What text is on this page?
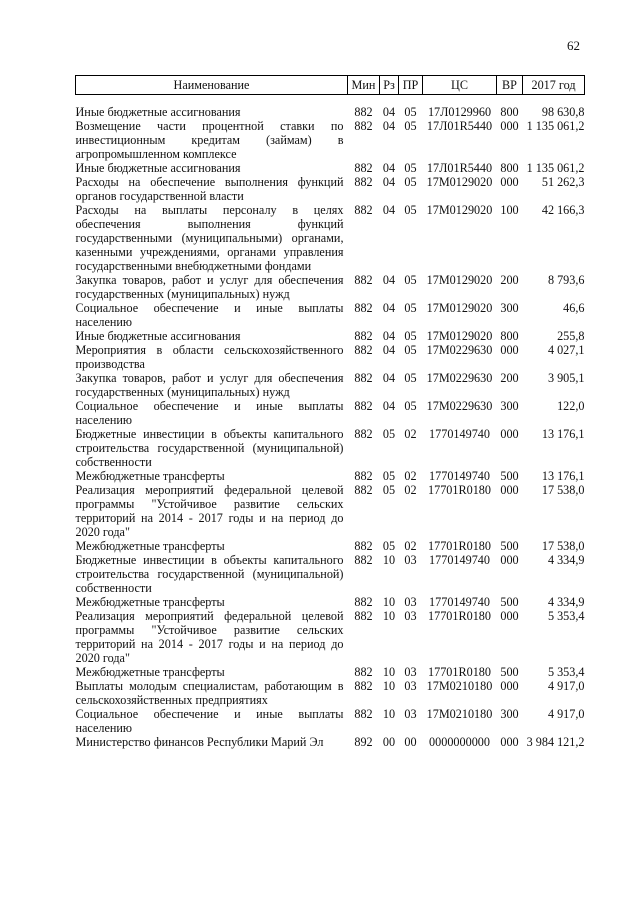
62
Наименование	Мин	Рз	ПР	ЦС	ВР	2017 год

Иные бюджетные ассигнования	882	04	05	17Л0129960	800	98 630,8
Возмещение части процентной ставки по инвестиционным кредитам (займам) в агропромышленном комплексе	882	04	05	17Л01R5440	000	1 135 061,2
Иные бюджетные ассигнования	882	04	05	17Л01R5440	800	1 135 061,2
Расходы на обеспечение выполнения функций органов государственной власти	882	04	05	17М0129020	000	51 262,3
Расходы на выплаты персоналу в целях обеспечения выполнения функций государственными (муниципальными) органами, казенными учреждениями, органами управления государственными внебюджетными фондами	882	04	05	17М0129020	100	42 166,3
Закупка товаров, работ и услуг для обеспечения государственных (муниципальных) нужд	882	04	05	17М0129020	200	8 793,6
Социальное обеспечение и иные выплаты населению	882	04	05	17М0129020	300	46,6
Иные бюджетные ассигнования	882	04	05	17М0129020	800	255,8
Мероприятия в области сельскохозяйственного производства	882	04	05	17М0229630	000	4 027,1
Закупка товаров, работ и услуг для обеспечения государственных (муниципальных) нужд	882	04	05	17М0229630	200	3 905,1
Социальное обеспечение и иные выплаты населению	882	04	05	17М0229630	300	122,0
Бюджетные инвестиции в объекты капитального строительства государственной (муниципальной) собственности	882	05	02	1770149740	000	13 176,1
Межбюджетные трансферты	882	05	02	1770149740	500	13 176,1
Реализация мероприятий федеральной целевой программы "Устойчивое развитие сельских территорий на 2014 - 2017 годы и на период до 2020 года"	882	05	02	17701R0180	000	17 538,0
Межбюджетные трансферты	882	05	02	17701R0180	500	17 538,0
Бюджетные инвестиции в объекты капитального строительства государственной (муниципальной) собственности	882	10	03	1770149740	000	4 334,9
Межбюджетные трансферты	882	10	03	1770149740	500	4 334,9
Реализация мероприятий федеральной целевой программы "Устойчивое развитие сельских территорий на 2014 - 2017 годы и на период до 2020 года"	882	10	03	17701R0180	000	5 353,4
Межбюджетные трансферты	882	10	03	17701R0180	500	5 353,4
Выплаты молодым специалистам, работающим в сельскохозяйственных предприятиях	882	10	03	17М0210180	000	4 917,0
Социальное обеспечение и иные выплаты населению	882	10	03	17М0210180	300	4 917,0
Министерство финансов Республики Марий Эл	892	00	00	0000000000	000	3 984 121,2
